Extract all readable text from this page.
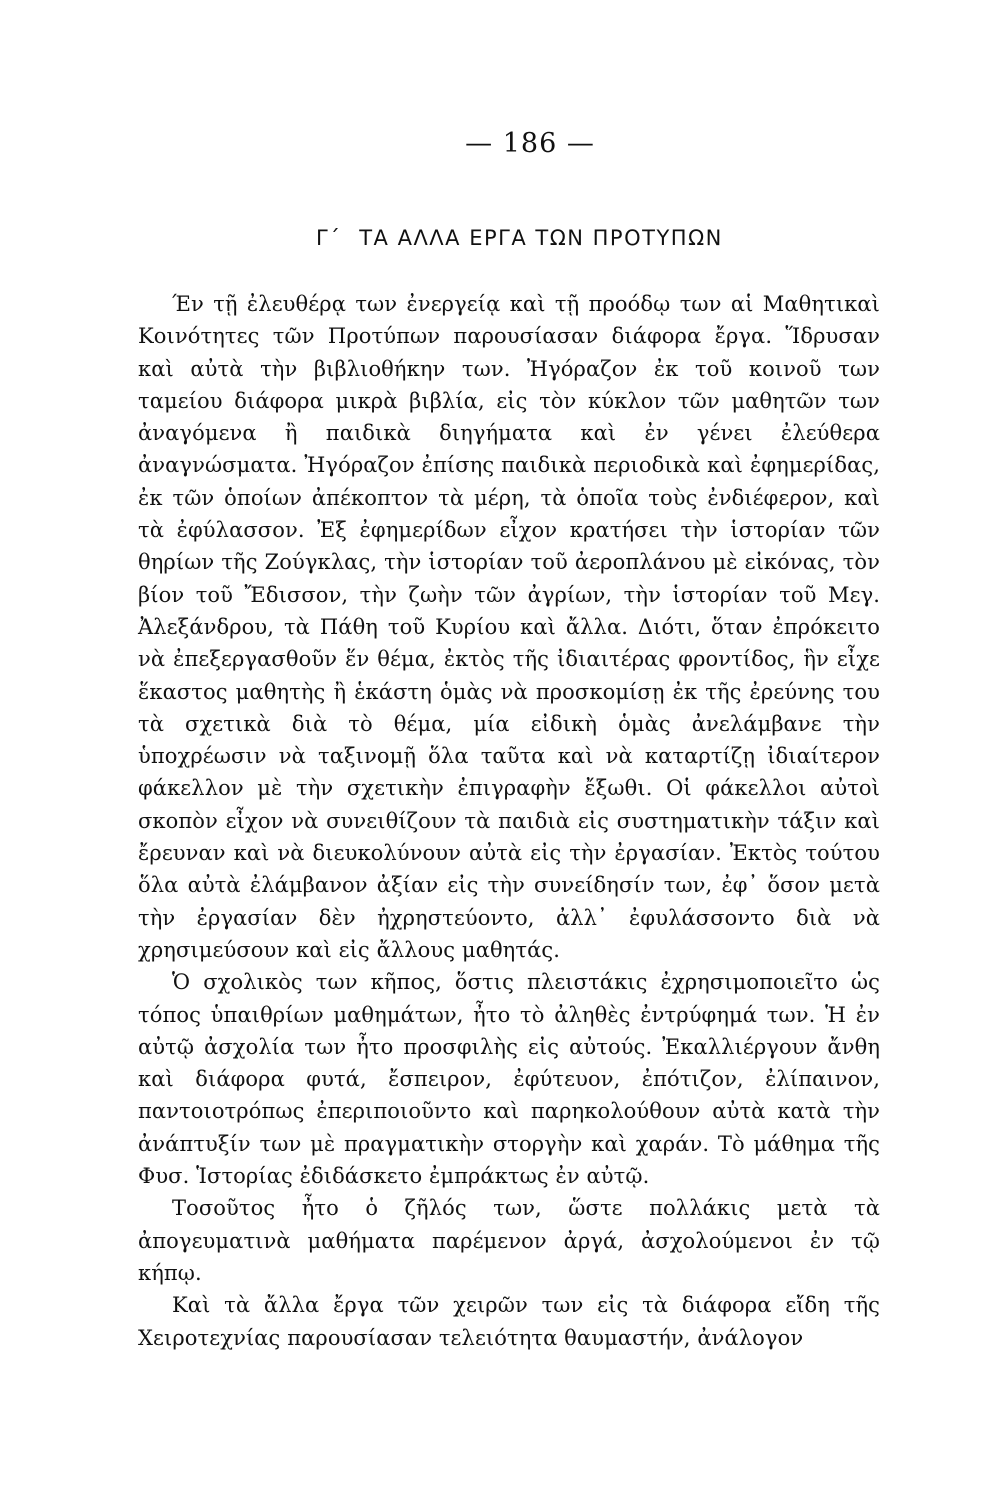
— 186 —
Γ΄ ΤΑ ΑΛΛΑ ΕΡΓΑ ΤΩΝ ΠΡΟΤΥΠΩΝ

Έν τῇ ἐλευθέρᾳ των ἐνεργείᾳ καὶ τῇ προόδῳ των αἱ Μαθητικαὶ Κοινότητες τῶν Προτύπων παρουσίασαν διάφορα ἔργα. Ἵδρυσαν καὶ αὐτὰ τὴν βιβλιοθήκην των. Ἠγόραζον ἐκ τοῦ κοινοῦ των ταμείου διάφορα μικρὰ βιβλία, εἰς τὸν κύκλον τῶν μαθητῶν των ἀναγόμενα ἢ παιδικὰ διηγήματα καὶ ἐν γένει ἐλεύθερα ἀναγνώσματα. Ἠγόραζον ἐπίσης παιδικὰ περιοδικὰ καὶ ἐφημερίδας, ἐκ τῶν ὁποίων ἀπέκοπτον τὰ μέρη, τὰ ὁποῖα τοὺς ἐνδιέφερον, καὶ τὰ ἐφύλασσον. Ἐξ ἐφημερίδων εἶχον κρατήσει τὴν ἱστορίαν τῶν θηρίων τῆς Ζούγκλας, τὴν ἱστορίαν τοῦ ἀεροπλάνου μὲ εἰκόνας, τὸν βίον τοῦ Ἔδισσον, τὴν ζωὴν τῶν ἀγρίων, τὴν ἱστορίαν τοῦ Μεγ. Ἀλεξάνδρου, τὰ Πάθη τοῦ Κυρίου καὶ ἄλλα. Διότι, ὅταν ἐπρόκειτο νὰ ἐπεξεργασθοῦν ἕν θέμα, ἐκτὸς τῆς ἰδιαιτέρας φροντίδος, ἣν εἶχε ἕκαστος μαθητὴς ἢ ἑκάστη ὁμὰς νὰ προσκομίσῃ ἐκ τῆς ἐρεύνης του τὰ σχετικὰ διὰ τὸ θέμα, μία εἰδικὴ ὁμὰς ἀνελάμβανε τὴν ὑποχρέωσιν νὰ ταξινομῇ ὅλα ταῦτα καὶ νὰ καταρτίζῃ ἰδιαίτερον φάκελλον μὲ τὴν σχετικὴν ἐπιγραφὴν ἔξωθι. Οἱ φάκελλοι αὐτοὶ σκοπὸν εἶχον νὰ συνειθίζουν τὰ παιδιὰ εἰς συστηματικὴν τάξιν καὶ ἔρευναν καὶ νὰ διευκολύνουν αὐτὰ εἰς τὴν ἐργασίαν. Ἐκτὸς τούτου ὅλα αὐτὰ ἐλάμβανον ἀξίαν εἰς τὴν συνείδησίν των, ἐφ᾿ ὅσον μετὰ τὴν ἐργασίαν δὲν ἠχρηστεύοντο, ἀλλ᾿ ἐφυλάσσοντο διὰ νὰ χρησιμεύσουν καὶ εἰς ἄλλους μαθητάς.

Ὁ σχολικὸς των κῆπος, ὅστις πλειστάκις ἐχρησιμοποιεῖτο ὡς τόπος ὑπαιθρίων μαθημάτων, ἦτο τὸ ἀληθὲς ἐντρύφημά των. Ἡ ἐν αὐτῷ ἀσχολία των ἦτο προσφιλὴς εἰς αὐτούς. Ἐκαλλιέργουν ἄνθη καὶ διάφορα φυτά, ἔσπειρον, ἐφύτευον, ἐπότιζον, ἐλίπαινον, παντοιοτρόπως ἐπεριποιοῦντο καὶ παρηκολούθουν αὐτὰ κατὰ τὴν ἀνάπτυξίν των μὲ πραγματικὴν στοργὴν καὶ χαράν. Τὸ μάθημα τῆς Φυσ. Ἱστορίας ἐδιδάσκετο ἐμπράκτως ἐν αὐτῷ.

Τοσοῦτος ἦτο ὁ ζῆλός των, ὥστε πολλάκις μετὰ τὰ ἀπογευματινὰ μαθήματα παρέμενον ἀργά, ἀσχολούμενοι ἐν τῷ κήπῳ.

Καὶ τὰ ἄλλα ἔργα τῶν χειρῶν των εἰς τὰ διάφορα εἴδη τῆς Χειροτεχνίας παρουσίασαν τελειότητα θαυμαστήν, ἀνάλογον
